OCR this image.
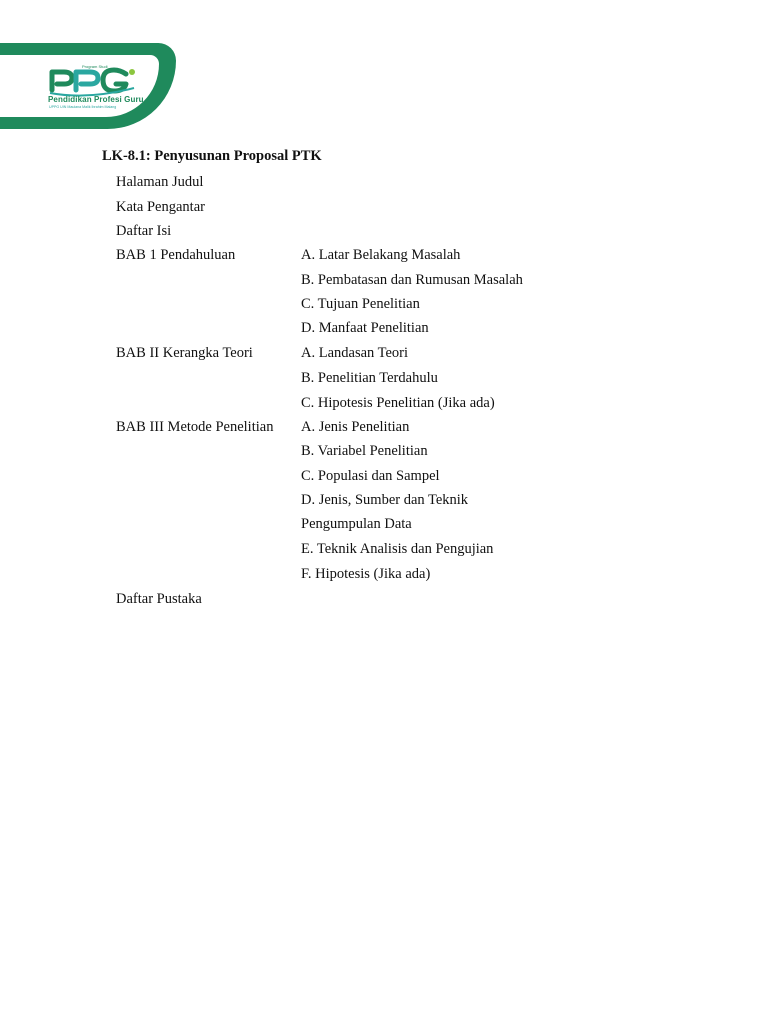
Program Studi
Pendidikan Profesi Guru
UPPG UIN Maulana Malik Ibrahim Malang
LK-8.1: Penyusunan Proposal PTK
Halaman Judul
Kata Pengantar
Daftar Isi
BAB 1 Pendahuluan	A. Latar Belakang Masalah
B. Pembatasan dan Rumusan Masalah
C. Tujuan Penelitian
D. Manfaat Penelitian
BAB II Kerangka Teori	A. Landasan Teori
B. Penelitian Terdahulu
C. Hipotesis Penelitian (Jika ada)
BAB III Metode Penelitian A. Jenis Penelitian
B. Variabel Penelitian
C. Populasi dan Sampel
D. Jenis, Sumber dan Teknik
Pengumpulan Data
E. Teknik Analisis dan Pengujian
F. Hipotesis (Jika ada)
Daftar Pustaka
